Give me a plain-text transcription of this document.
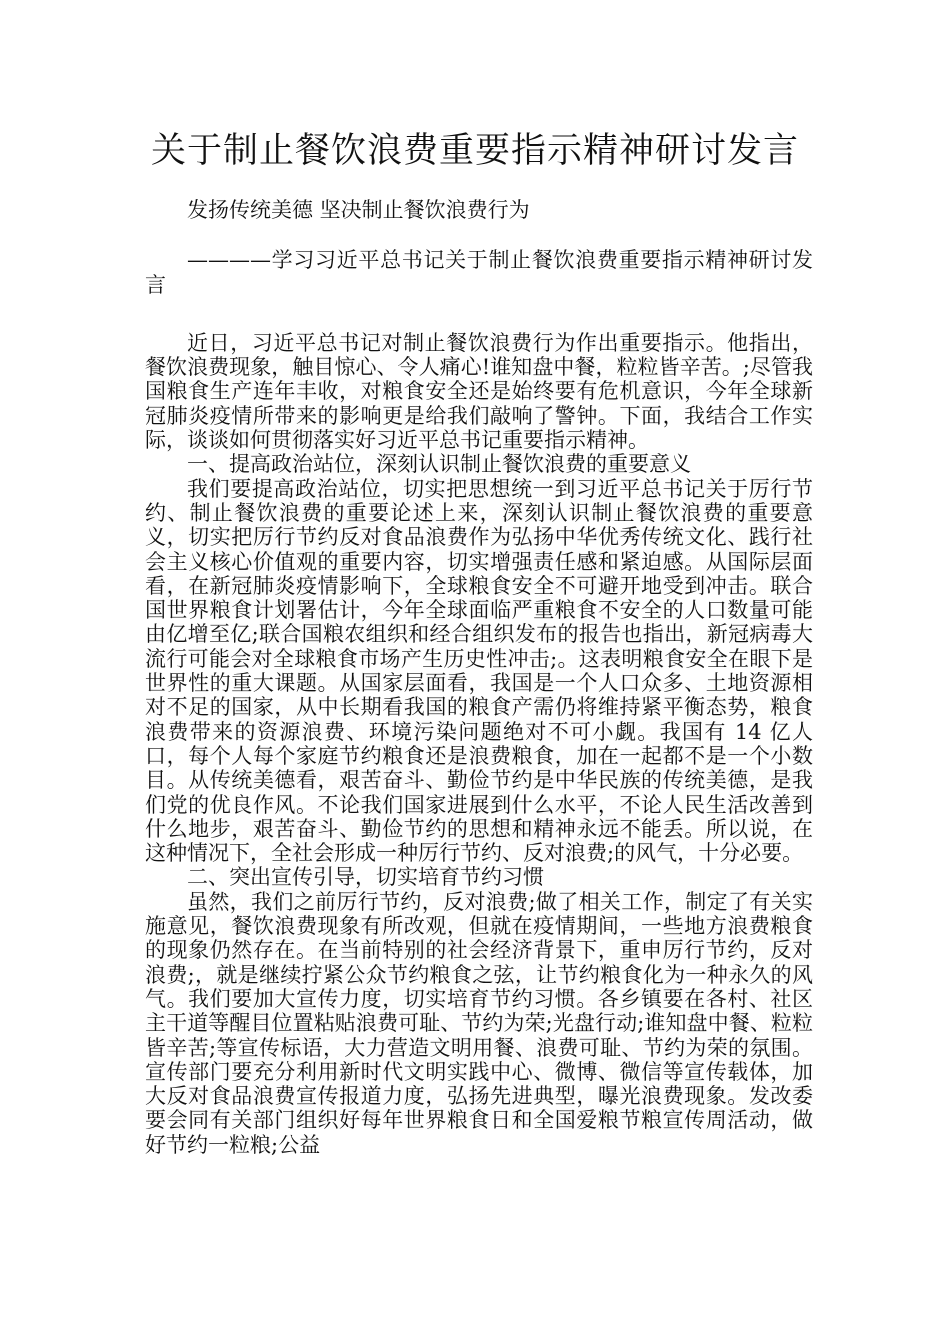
关于制止餐饮浪费重要指示精神研讨发言

发扬传统美德 坚决制止餐饮浪费行为

————学习习近平总书记关于制止餐饮浪费重要指示精神研讨发言

近日，习近平总书记对制止餐饮浪费行为作出重要指示。他指出，餐饮浪费现象，触目惊心、令人痛心!谁知盘中餐，粒粒皆辛苦。;尽管我国粮食生产连年丰收，对粮食安全还是始终要有危机意识，今年全球新冠肺炎疫情所带来的影响更是给我们敲响了警钟。下面，我结合工作实际，谈谈如何贯彻落实好习近平总书记重要指示精神。

一、提高政治站位，深刻认识制止餐饮浪费的重要意义

我们要提高政治站位，切实把思想统一到习近平总书记关于厉行节约、制止餐饮浪费的重要论述上来，深刻认识制止餐饮浪费的重要意义，切实把厉行节约反对食品浪费作为弘扬中华优秀传统文化、践行社会主义核心价值观的重要内容，切实增强责任感和紧迫感。从国际层面看，在新冠肺炎疫情影响下，全球粮食安全不可避开地受到冲击。联合国世界粮食计划署估计，今年全球面临严重粮食不安全的人口数量可能由亿增至亿;联合国粮农组织和经合组织发布的报告也指出，新冠病毒大流行可能会对全球粮食市场产生历史性冲击;。这表明粮食安全在眼下是世界性的重大课题。从国家层面看，我国是一个人口众多、土地资源相对不足的国家，从中长期看我国的粮食产需仍将维持紧平衡态势，粮食浪费带来的资源浪费、环境污染问题绝对不可小觑。我国有 14 亿人口，每个人每个家庭节约粮食还是浪费粮食，加在一起都不是一个小数目。从传统美德看，艰苦奋斗、勤俭节约是中华民族的传统美德，是我们党的优良作风。不论我们国家进展到什么水平，不论人民生活改善到什么地步，艰苦奋斗、勤俭节约的思想和精神永远不能丢。所以说，在这种情况下，全社会形成一种厉行节约、反对浪费;的风气，十分必要。

二、突出宣传引导，切实培育节约习惯

虽然，我们之前厉行节约，反对浪费;做了相关工作，制定了有关实施意见，餐饮浪费现象有所改观，但就在疫情期间，一些地方浪费粮食的现象仍然存在。在当前特别的社会经济背景下，重申厉行节约，反对浪费;，就是继续拧紧公众节约粮食之弦，让节约粮食化为一种永久的风气。我们要加大宣传力度，切实培育节约习惯。各乡镇要在各村、社区主干道等醒目位置粘贴浪费可耻、节约为荣;光盘行动;谁知盘中餐、粒粒皆辛苦;等宣传标语，大力营造文明用餐、浪费可耻、节约为荣的氛围。宣传部门要充分利用新时代文明实践中心、微博、微信等宣传载体，加大反对食品浪费宣传报道力度，弘扬先进典型，曝光浪费现象。发改委要会同有关部门组织好每年世界粮食日和全国爱粮节粮宣传周活动，做好节约一粒粮;公益
